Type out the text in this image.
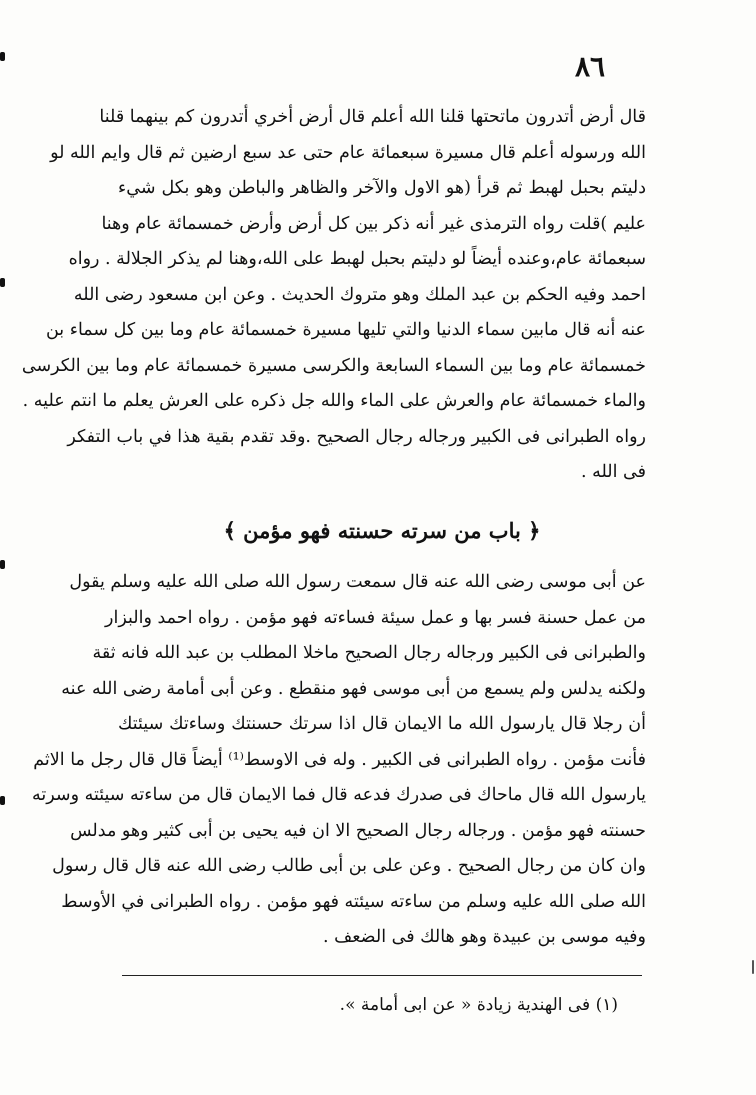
٨٦
قال أرض أتدرون ماتحتها قلنا الله أعلم قال أرض أخري أتدرون كم بينهما قلنا
الله ورسوله أعلم قال مسيرة سبعمائة عام حتى عد سبع ارضين ثم قال وايم الله لو
دليتم بحبل لهبط ثم قرأ (هو الاول والآخر والظاهر والباطن وهو بكل شيء
عليم )قلت رواه الترمذى غير أنه ذكر بين كل أرض وأرض خمسمائة عام وهنا
سبعمائة عام،وعنده أيضاً لو دليتم بحبل لهبط على الله،وهنا لم يذكر الجلالة . رواه
احمد وفيه الحكم بن عبد الملك وهو متروك الحديث . وعن ابن مسعود رضى الله
عنه أنه قال مابين سماء الدنيا والتي تليها مسيرة خمسمائة عام وما بين كل سماء بن
خمسمائة عام وما بين السماء السابعة والكرسى مسيرة خمسمائة عام وما بين الكرسى
والماء خمسمائة عام والعرش على الماء والله جل ذكره على العرش يعلم ما انتم عليه .
رواه الطبرانى فى الكبير ورجاله رجال الصحيح .وقد تقدم بقية هذا في باب التفكر
فى الله .
﴿ باب من سرته حسنته فهو مؤمن ﴾
عن أبى موسى رضى الله عنه قال سمعت رسول الله صلى الله عليه وسلم يقول
من عمل حسنة فسر بها و عمل سيئة فساءته فهو مؤمن . رواه احمد والبزار
والطبرانى فى الكبير ورجاله رجال الصحيح ماخلا المطلب بن عبد الله فانه ثقة
ولكنه يدلس ولم يسمع من أبى موسى فهو منقطع . وعن أبى أمامة رضى الله عنه
أن رجلا قال يارسول الله ما الايمان قال اذا سرتك حسنتك وساءتك سيئتك
فأنت مؤمن . رواه الطبرانى فى الكبير . وله فى الاوسط⁽¹⁾ أيضاً قال قال رجل ما الاثم
يارسول الله قال ماحاك فى صدرك فدعه قال فما الايمان قال من ساءته سيئته وسرته
حسنته فهو مؤمن . ورجاله رجال الصحيح الا ان فيه يحيى بن أبى كثير وهو مدلس
وان كان من رجال الصحيح . وعن على بن أبى طالب رضى الله عنه قال قال رسول
الله صلى الله عليه وسلم من ساءته سيئته فهو مؤمن . رواه الطبرانى في الأوسط
وفيه موسى بن عبيدة وهو هالك فى الضعف .
(١) فى الهندية زيادة « عن ابى أمامة ».
